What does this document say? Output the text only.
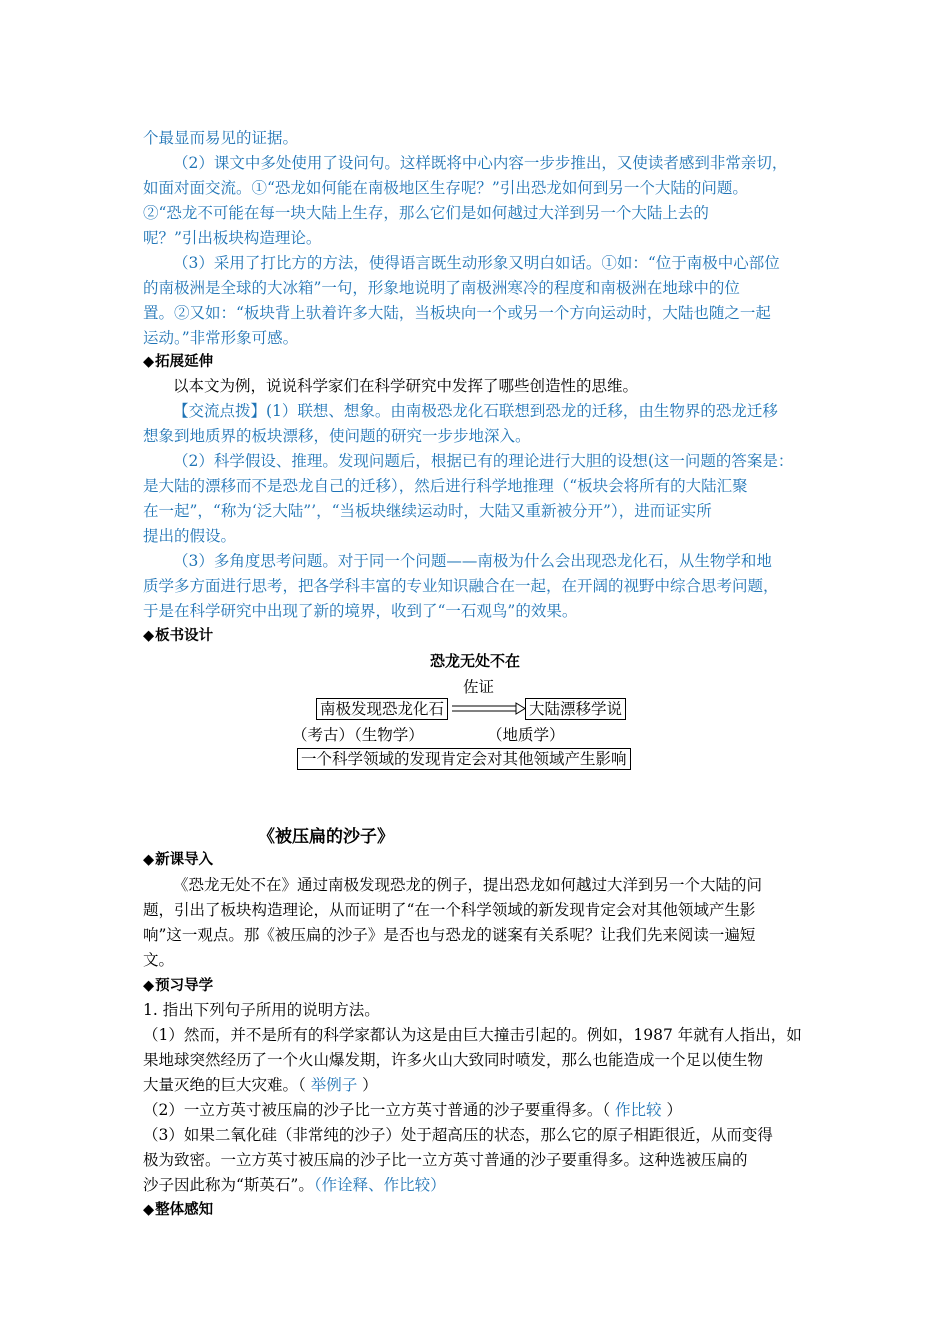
个最显而易见的证据。
（2）课文中多处使用了设问句。这样既将中心内容一步步推出，又使读者感到非常亲切，
如面对面交流。①“恐龙如何能在南极地区生存呢？”引出恐龙如何到另一个大陆的问题。
②“恐龙不可能在每一块大陆上生存，那么它们是如何越过大洋到另一个大陆上去的
呢？”引出板块构造理论。
（3）采用了打比方的方法，使得语言既生动形象又明白如话。①如：“位于南极中心部位
的南极洲是全球的大冰箱”一句，形象地说明了南极洲寒冷的程度和南极洲在地球中的位
置。②又如：“板块背上驮着许多大陆，当板块向一个或另一个方向运动时，大陆也随之一起
运动。”非常形象可感。
◆拓展延伸
以本文为例，说说科学家们在科学研究中发挥了哪些创造性的思维。
【交流点拨】(1）联想、想象。由南极恐龙化石联想到恐龙的迁移，由生物界的恐龙迁移
想象到地质界的板块漂移，使问题的研究一步步地深入。
（2）科学假设、推理。发现问题后，根据已有的理论进行大胆的设想(这一问题的答案是：
是大陆的漂移而不是恐龙自己的迁移），然后进行科学地推理（“板块会将所有的大陆汇聚
在一起”，“称为‘泛大陆”’，“当板块继续运动时，大陆又重新被分开”），进而证实所
提出的假设。
（3）多角度思考问题。对于同一个问题——南极为什么会出现恐龙化石，从生物学和地
质学多方面进行思考，把各学科丰富的专业知识融合在一起，在开阔的视野中综合思考问题，
于是在科学研究中出现了新的境界，收到了“一石观鸟”的效果。
◆板书设计
恐龙无处不在
佐证
南极发现恐龙化石	大陆漂移学说
（考古）（生物学）	（地质学）
一个科学领域的发现肯定会对其他领域产生影响
《被压扁的沙子》
◆新课导入
《恐龙无处不在》通过南极发现恐龙的例子，提出恐龙如何越过大洋到另一个大陆的问
题，引出了板块构造理论，从而证明了“在一个科学领域的新发现肯定会对其他领域产生影
响”这一观点。那《被压扁的沙子》是否也与恐龙的谜案有关系呢？让我们先来阅读一遍短
文。
◆预习导学
1. 指出下列句子所用的说明方法。
（1）然而，并不是所有的科学家都认为这是由巨大撞击引起的。例如，1987 年就有人指出，如
果地球突然经历了一个火山爆发期，许多火山大致同时喷发，那么也能造成一个足以使生物
大量灭绝的巨大灾难。（ 举例子 ）
（2）一立方英寸被压扁的沙子比一立方英寸普通的沙子要重得多。（ 作比较 ）
（3）如果二氧化硅（非常纯的沙子）处于超高压的状态，那么它的原子相距很近，从而变得
极为致密。一立方英寸被压扁的沙子比一立方英寸普通的沙子要重得多。这种选被压扁的
沙子因此称为“斯英石”。（作诠释、作比较）
◆整体感知
